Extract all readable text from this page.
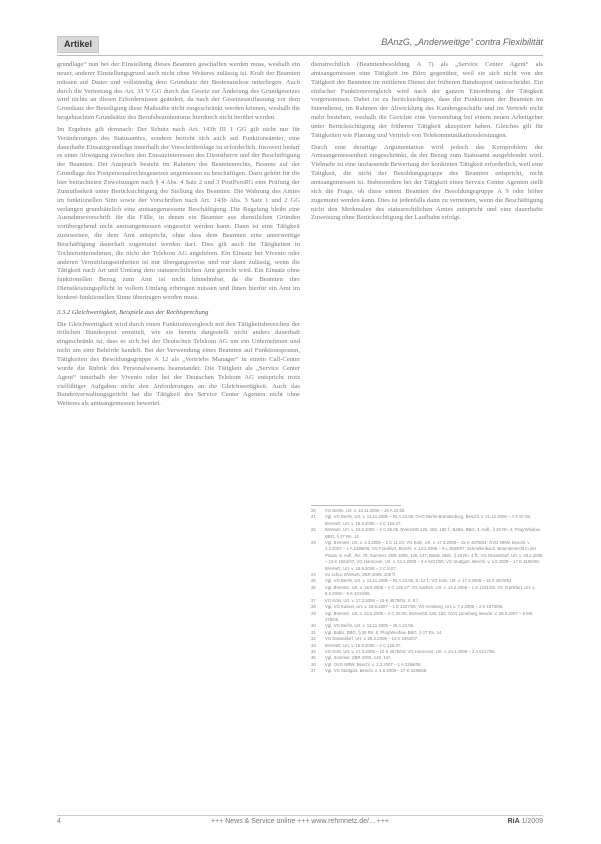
Artikel	BAnzG, „Anderweitige“ contra Flexibilität

grundlage“ nun bei der Einstellung dieses Beamten geschaffen werden muss, weshalb ein neuer, anderer Einstellungsgrund auch nicht ohne Weiteres zulässig ist. Kraft der Beamten müssen auf Dauer und vollständig dem Grundsatz der Bestenauslese unterliegen. Auch durch die Vertretung des Art. 33 V GG durch das Gesetz zur Änderung des Grundgesetzes wird nichts an diesen Erfordernissen geändert, da nach der Gesetzesauffassung vor dem Grundsatz der Beteiligung diese Maßstäbe nicht eingeschränkt werden können, weshalb die hergebrachten Grundsätze des Berufsbeamtentums hierdurch nicht berührt werden.

Im Ergebnis gilt demnach: Der Schutz nach Art. 143b III 1 GG gilt nicht nur für Veränderungen des Statusamtes, sondern bezieht sich auch auf Funktionsämter, eine dauerhafte Einsatzgrundlage innerhalb der Vorschriftenlage ist erforderlich. Insoweit bedarf es einer Abwägung zwischen den Einsatzinteressen des Dienstherrn und der Beschäftigung der Beamten. Der Anspruch besteht im Rahmen des Beamtenrechts, Beamte auf der Grundlage des Postpersonalrechtsgesetzes angemessen zu beschäftigen. Dazu gehört für die hier betrachteten Zuweisungen nach § 4 Abs. 4 Satz 2 und 3 PostPersRG eine Prüfung der Zumutbarkeit unter Berücksichtigung der Stellung des Beamten. Die Wahrung des Amtes im funktionellen Sinn sowie der Vorschriften nach Art. 143b Abs. 3 Satz 1 und 2 GG verlangen grundsätzlich eine amtsangemessene Beschäftigung. Die Regelung bleibt eine Ausnahmevorschrift für die Fälle, in denen ein Beamter aus dienstlichen Gründen vorübergehend nicht amtsangemessen eingesetzt werden kann. Dann ist eine Tätigkeit zuzuweisen, die dem Amt entspricht, ohne dass dem Beamten eine unterwertige Beschäftigung dauerhaft zugemutet werden darf. Dies gilt auch für Tätigkeiten in Tochterunternehmen, die nicht der Telekom AG angehören. Ein Einsatz bei Vivento oder anderen Vermittlungseinheiten ist nur übergangsweise und nur dann zulässig, wenn die Tätigkeit nach Art und Umfang dem statusrechtlichen Amt gerecht wird. Ein Einsatz ohne funktionellen Bezug zum Amt ist nicht hinnehmbar, da die Beamten ihre Dienstleistungspflicht in vollem Umfang erbringen müssen und ihnen hierfür ein Amt im konkret-funktionellen Sinne übertragen werden muss.

3.3.2 Gleichwertigkeit, Beispiele aus der Rechtsprechung

Die Gleichwertigkeit wird durch einen Funktionsvergleich mit den Tätigkeitsbereichen der örtlichen Bundespost ermittelt, wie sie bereits dargestellt nicht anders dauerhaft eingeschränkt ist, dass es sich bei der Deutschen Telekom AG um ein Unternehmen und nicht um eine Behörde handelt. Bei der Verwendung eines Beamten auf Funktionsposten, Tätigkeiten des Besoldungsgruppe A 12 als „Vertriebs Manager“ in einem Call-Center wurde die Rubrik des Personalwesens beanstandet. Die Tätigkeit als „Service Center Agent“ innerhalb der Vivento oder bei der Deutschen Telekom AG entspricht trotz vielfältiger Aufgaben nicht den Anforderungen an die Gleichwertigkeit. Auch das Bundesverwaltungsgericht hat die Tätigkeit des Service Center Agenten nicht ohne Weiteres als amtsangemessen bewertet.

dienstrechtlich (Beamtenbesoldung A 7) als „Service Center Agent“ als amtsangemessen eine Tätigkeit im Büro gegenüber, weil sie sich nicht von der Tätigkeit der Beamten im mittleren Dienst der früheren Bundespost unterscheidet. Ein einfacher Funktionsvergleich wird nach der ganzen Einordnung der Tätigkeit vorgenommen. Dabei ist zu berücksichtigen, dass die Funktionen der Beamten im Innendienst, im Rahmen der Abwicklung des Kundengeschäfts und im Vertrieb nicht mehr bestehen, weshalb die Gerichte eine Verwendung bei einem neuen Arbeitgeber unter Berücksichtigung der früheren Tätigkeit akzeptiert haben. Gleiches gilt für Tätigkeiten wie Planung und Vertrieb von Telekommunikationsleistungen.

Durch eine derartige Argumentation wird jedoch das Kernproblem der Amtsangemessenheit eingeschränkt, da der Bezug zum Statusamt ausgeblendet wird. Vielmehr ist eine umfassende Bewertung der konkreten Tätigkeit erforderlich, weil eine Tätigkeit, die nicht der Besoldungsgruppe des Beamten entspricht, nicht amtsangemessen ist. Insbesondere bei der Tätigkeit eines Service Center Agenten stellt sich die Frage, ob diese einem Beamten der Besoldungsgruppe A 9 oder höher zugemutet werden kann. Dies ist jedenfalls dann zu verneinen, wenn die Beschäftigung nicht den Merkmalen des statusrechtlichen Amtes entspricht und eine dauerhafte Zuweisung ohne Berücksichtigung der Laufbahn erfolgt.

20	VG Berlin, Urt. v. 13.11.2006 – 26 A 23.05.
21	Vgl. VG Berlin, Urt. v. 13.11.2006 – 26 A 23.05; OVG Berlin-Brandenburg, Beschl. v. 21.12.2006 – 4 S 97.06; BVerwG, Urt. v. 18.9.2008 – 2 C 126.07.
22	BVerwG, Urt. v. 22.6.2006 – 2 C 26.05, BVerwGE 126, 182, 186 f.; Battis, BBG, 4. Aufl., § 26 Rn. 4; Plog/Wiedow, BBG, § 27 Rn. 14.
23	Vgl. BVerwG, Urt. v. 3.3.2005 – 2 C 11.04; VG Köln, Urt. v. 17.3.2006 – 15 K 4578/04; OVG NRW, Beschl. v. 2.2.2007 – 1 A 2286/06; VG Frankfurt, Beschl. v. 13.2.2008 – 9 L 3849/07; Schnellenbach, Beamtenrecht in der Praxis, 6. Aufl., Rn. 76; Summer, ZBR 2006, 145, 147; Battis, BBG, § 26 Rn. 4 ff.; VG Düsseldorf, Urt. v. 28.2.2008 – 13 K 1564/07; VG Hannover, Urt. v. 24.4.2008 – 2 A 6217/06; VG Stuttgart, Beschl. v. 4.9.2008 – 17 K 3196/08; BVerwG, Urt. v. 18.9.2008 – 2 C 8.07.
24	So schon BVerwG, ZBR 2005, 205 ff.
25	Vgl. VG Berlin, Urt. v. 13.11.2006 – 26 A 23.05, S. 12 f.; VG Köln, Urt. v. 17.3.2006 – 15 K 4578/04.
26	Vgl. BVerwG, Urt. v. 18.9.2008 – 2 C 126.07; VG Aachen, Urt. v. 14.2.2008 – 1 K 1231/06; VG Frankfurt, Urt. v. 5.5.2008 – 9 E 4216/06.
27	VG Köln, Urt. v. 17.3.2006 – 15 K 4578/04, S. 8 f.
28	Vgl. VG Kassel, Urt. v. 19.6.2007 – 1 E 2227/05; VG Arnsberg, Urt. v. 7.2.2008 – 2 K 1873/06.
29	Vgl. BVerwG, Urt. v. 22.6.2006 – 2 C 26.05, BVerwGE 126, 182; OVG Lüneburg, Beschl. v. 28.3.2007 – 5 ME 278/06.
30	Vgl. VG Berlin, Urt. v. 13.11.2006 – 26 A 23.05.
31	Vgl. Battis, BBG, § 26 Rn. 5; Plog/Wiedow, BBG, § 27 Rn. 14.
32	VG Düsseldorf, Urt. v. 28.2.2008 – 13 K 1564/07.
33	BVerwG, Urt. v. 18.9.2008 – 2 C 126.07.
34	VG Köln, Urt. v. 17.3.2006 – 15 K 4578/04; VG Hannover, Urt. v. 24.4.2008 – 2 A 6217/06.
35	Vgl. Summer, ZBR 2006, 145, 147.
36	Vgl. OVG NRW, Beschl. v. 2.2.2007 – 1 A 2286/06.
37	Vgl. VG Stuttgart, Beschl. v. 4.9.2008 – 17 K 3196/08.
4	+++ News & Service online +++ www.rehmnetz.de/... +++	RiA 1/2009
